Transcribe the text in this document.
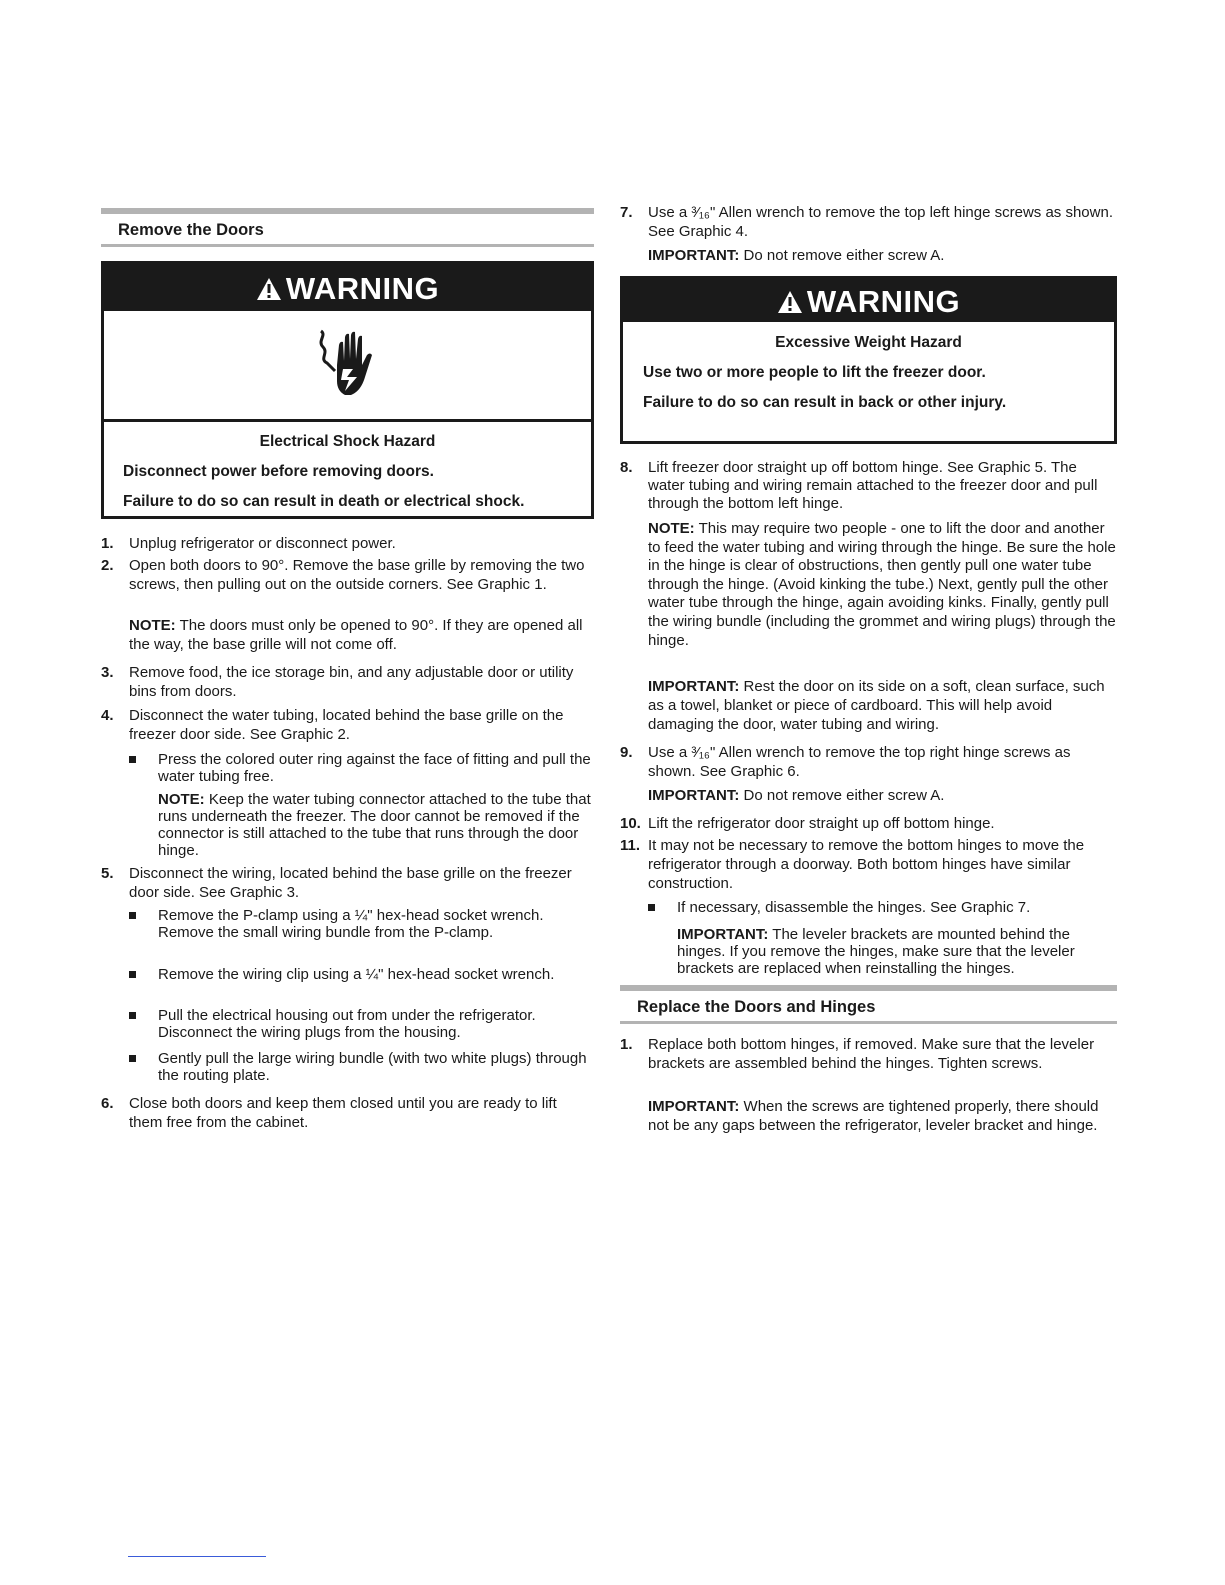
Remove the Doors
WARNING
Electrical Shock Hazard
Disconnect power before removing doors.
Failure to do so can result in death or electrical shock.
1. Unplug refrigerator or disconnect power.
2. Open both doors to 90°. Remove the base grille by removing the two screws, then pulling out on the outside corners. See Graphic 1.
NOTE: The doors must only be opened to 90°. If they are opened all the way, the base grille will not come off.
3. Remove food, the ice storage bin, and any adjustable door or utility bins from doors.
4. Disconnect the water tubing, located behind the base grille on the freezer door side. See Graphic 2.
Press the colored outer ring against the face of fitting and pull the water tubing free.
NOTE: Keep the water tubing connector attached to the tube that runs underneath the freezer. The door cannot be removed if the connector is still attached to the tube that runs through the door hinge.
5. Disconnect the wiring, located behind the base grille on the freezer door side. See Graphic 3.
Remove the P-clamp using a ¼" hex-head socket wrench. Remove the small wiring bundle from the P-clamp.
Remove the wiring clip using a ¼" hex-head socket wrench.
Pull the electrical housing out from under the refrigerator. Disconnect the wiring plugs from the housing.
Gently pull the large wiring bundle (with two white plugs) through the routing plate.
6. Close both doors and keep them closed until you are ready to lift them free from the cabinet.
7. Use a ³⁄₁₆" Allen wrench to remove the top left hinge screws as shown. See Graphic 4.
IMPORTANT: Do not remove either screw A.
WARNING
Excessive Weight Hazard
Use two or more people to lift the freezer door.
Failure to do so can result in back or other injury.
8. Lift freezer door straight up off bottom hinge. See Graphic 5. The water tubing and wiring remain attached to the freezer door and pull through the bottom left hinge.
NOTE: This may require two people - one to lift the door and another to feed the water tubing and wiring through the hinge. Be sure the hole in the hinge is clear of obstructions, then gently pull one water tube through the hinge. (Avoid kinking the tube.) Next, gently pull the other water tube through the hinge, again avoiding kinks. Finally, gently pull the wiring bundle (including the grommet and wiring plugs) through the hinge.
IMPORTANT: Rest the door on its side on a soft, clean surface, such as a towel, blanket or piece of cardboard. This will help avoid damaging the door, water tubing and wiring.
9. Use a ³⁄₁₆" Allen wrench to remove the top right hinge screws as shown. See Graphic 6.
IMPORTANT: Do not remove either screw A.
10. Lift the refrigerator door straight up off bottom hinge.
11. It may not be necessary to remove the bottom hinges to move the refrigerator through a doorway. Both bottom hinges have similar construction.
If necessary, disassemble the hinges. See Graphic 7.
IMPORTANT: The leveler brackets are mounted behind the hinges. If you remove the hinges, make sure that the leveler brackets are replaced when reinstalling the hinges.
Replace the Doors and Hinges
1. Replace both bottom hinges, if removed. Make sure that the leveler brackets are assembled behind the hinges. Tighten screws.
IMPORTANT: When the screws are tightened properly, there should not be any gaps between the refrigerator, leveler bracket and hinge.
